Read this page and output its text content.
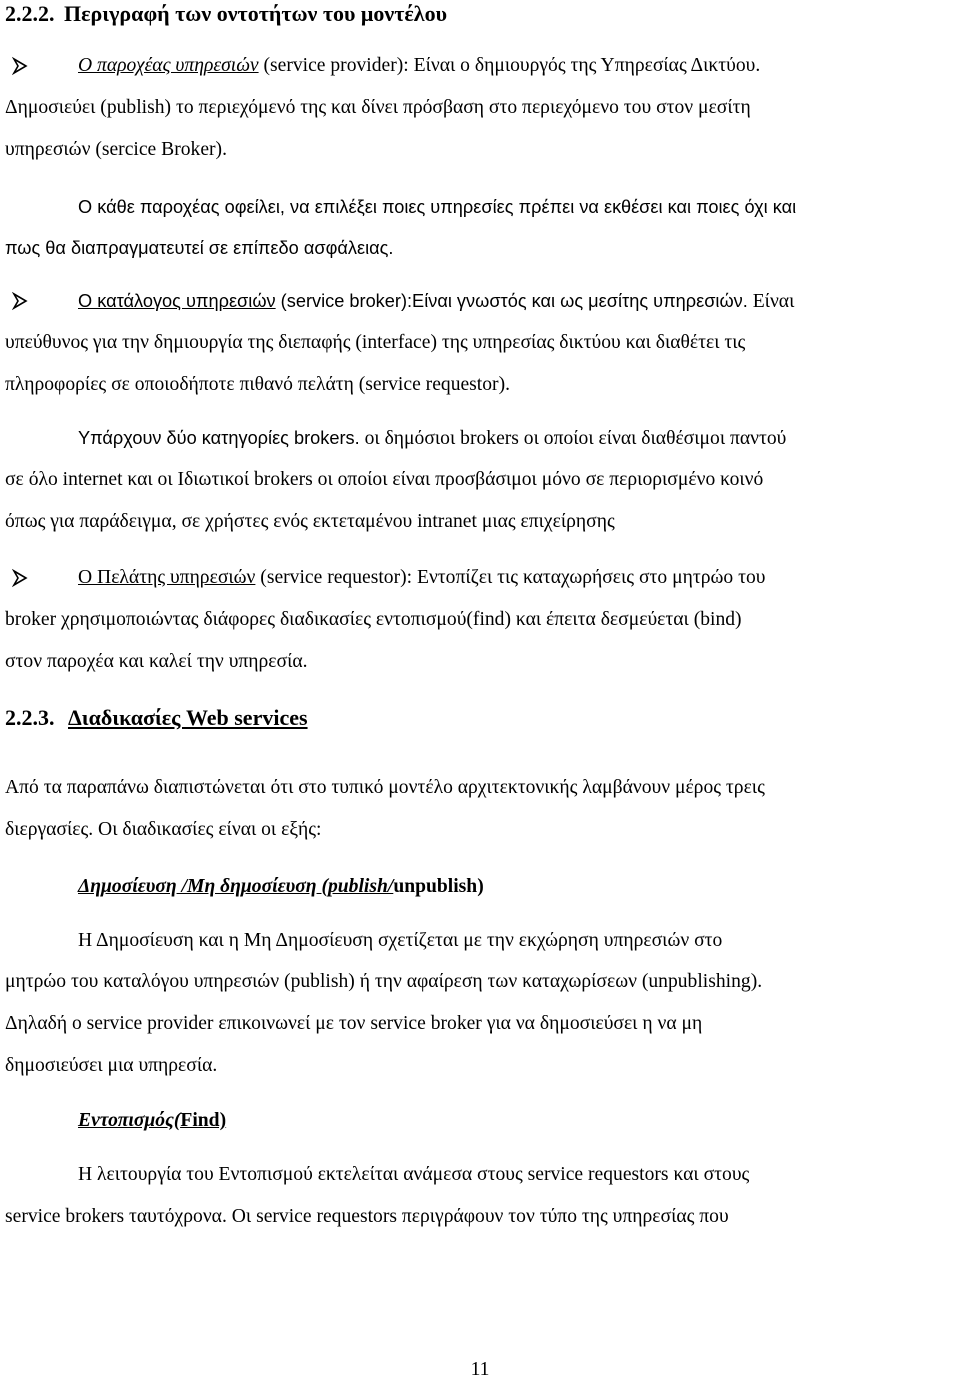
2.2.2. Περιγραφή των οντοτήτων του μοντέλου
Ο παροχέας υπηρεσιών (service provider): Είναι ο δημιουργός της Υπηρεσίας Δικτύου.
Δημοσιεύει (publish) το περιεχόμενό της και δίνει πρόσβαση στο περιεχόμενο του στον μεσίτη
υπηρεσιών (sercice Broker).
Ο κάθε παροχέας οφείλει, να επιλέξει ποιες υπηρεσίες πρέπει να εκθέσει και ποιες όχι και
πως θα διαπραγματευτεί σε επίπεδο ασφάλειας.
Ο κατάλογος υπηρεσιών (service broker):Είναι γνωστός και ως μεσίτης υπηρεσιών. Είναι
υπεύθυνος για την δημιουργία της διεπαφής (interface) της υπηρεσίας δικτύου και διαθέτει τις
πληροφορίες σε οποιοδήποτε πιθανό πελάτη (service requestor).
Υπάρχουν δύο κατηγορίες brokers. οι δημόσιοι brokers οι οποίοι είναι διαθέσιμοι παντού
σε όλο internet και οι Ιδιωτικοί brokers οι οποίοι είναι προσβάσιμοι μόνο σε περιορισμένο κοινό
όπως για παράδειγμα, σε χρήστες ενός εκτεταμένου intranet μιας επιχείρησης
Ο Πελάτης υπηρεσιών (service requestor): Εντοπίζει τις καταχωρήσεις στο μητρώο του
broker χρησιμοποιώντας διάφορες διαδικασίες εντοπισμού(find) και έπειτα δεσμεύεται (bind)
στον παροχέα και καλεί την υπηρεσία.
2.2.3. Διαδικασίες Web services
Από τα παραπάνω διαπιστώνεται ότι στο τυπικό μοντέλο αρχιτεκτονικής λαμβάνουν μέρος τρεις
διεργασίες. Οι διαδικασίες είναι οι εξής:
Δημοσίευση /Μη δημοσίευση (publish/unpublish)
Η Δημοσίευση και η Μη Δημοσίευση σχετίζεται με την εκχώρηση υπηρεσιών στο
μητρώο του καταλόγου υπηρεσιών (publish) ή την αφαίρεση των καταχωρίσεων (unpublishing).
Δηλαδή ο service provider επικοινωνεί με τον service broker για να δημοσιεύσει η να μη
δημοσιεύσει μια υπηρεσία.
Εντοπισμός(Find)
Η λειτουργία του Εντοπισμού εκτελείται ανάμεσα στους service requestors και στους
service brokers ταυτόχρονα. Οι service requestors περιγράφουν τον τύπο της υπηρεσίας που
11
